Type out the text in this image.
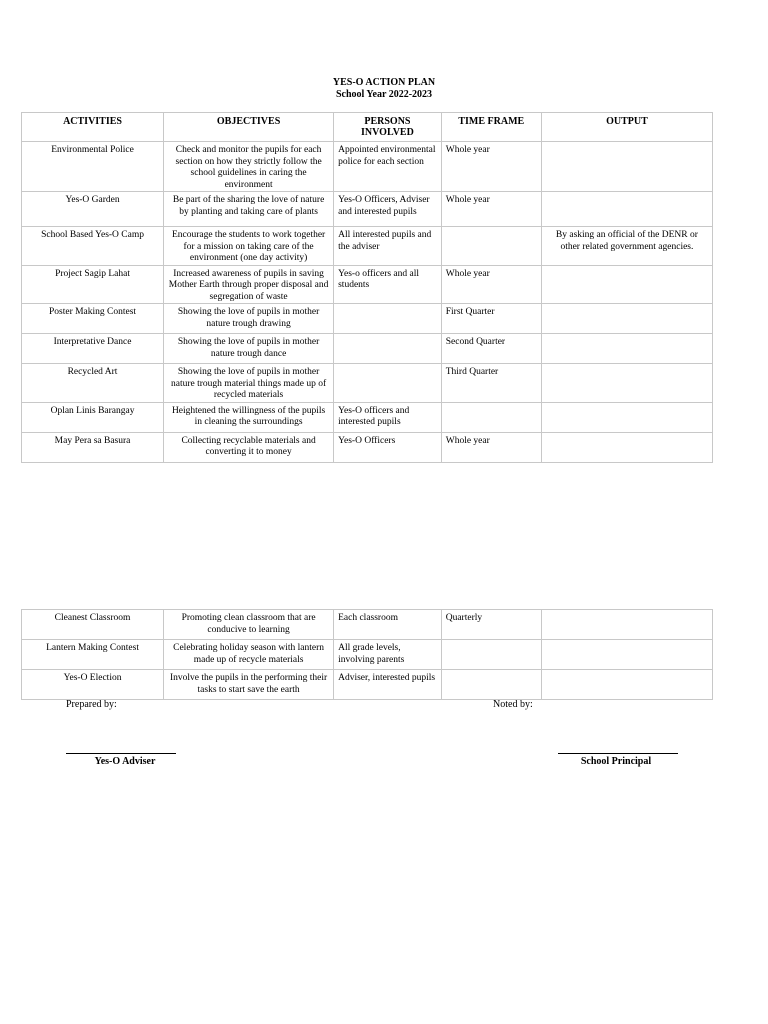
YES-O ACTION PLAN
School Year 2022-2023
ACTIVITIES	OBJECTIVES	PERSONS INVOLVED	TIME FRAME	OUTPUT
Environmental Police	Check and monitor the pupils for each section on how they strictly follow the school guidelines in caring the environment	Appointed environmental police for each section	Whole year	
Yes-O Garden	Be part of the sharing the love of nature by planting and taking care of plants	Yes-O Officers, Adviser and interested pupils	Whole year	
School Based Yes-O Camp	Encourage the students to work together for a mission on taking care of the environment (one day activity)	All interested pupils and the adviser		By asking an official of the DENR or other related government agencies.
Project Sagip Lahat	Increased awareness of pupils in saving Mother Earth through proper disposal and segregation of waste	Yes-o officers and all students	Whole year	
Poster Making Contest	Showing the love of pupils in mother nature trough drawing		First Quarter	
Interpretative Dance	Showing the love of pupils in mother nature trough dance		Second Quarter	
Recycled Art	Showing the love of pupils in mother nature trough material things made up of recycled materials		Third Quarter	
Oplan Linis Barangay	Heightened the willingness of the pupils in cleaning the surroundings	Yes-O officers and interested pupils		
May Pera sa Basura	Collecting recyclable materials and converting it to money	Yes-O Officers	Whole year	
Cleanest Classroom	Promoting clean classroom that are conducive to learning	Each classroom	Quarterly	
Lantern Making Contest	Celebrating holiday season with lantern made up of recycle materials	All grade levels, involving parents		
Yes-O Election	Involve the pupils in the performing their tasks to start save the earth	Adviser, interested pupils		
Prepared by:	Noted by:
Yes-O Adviser	School Principal
